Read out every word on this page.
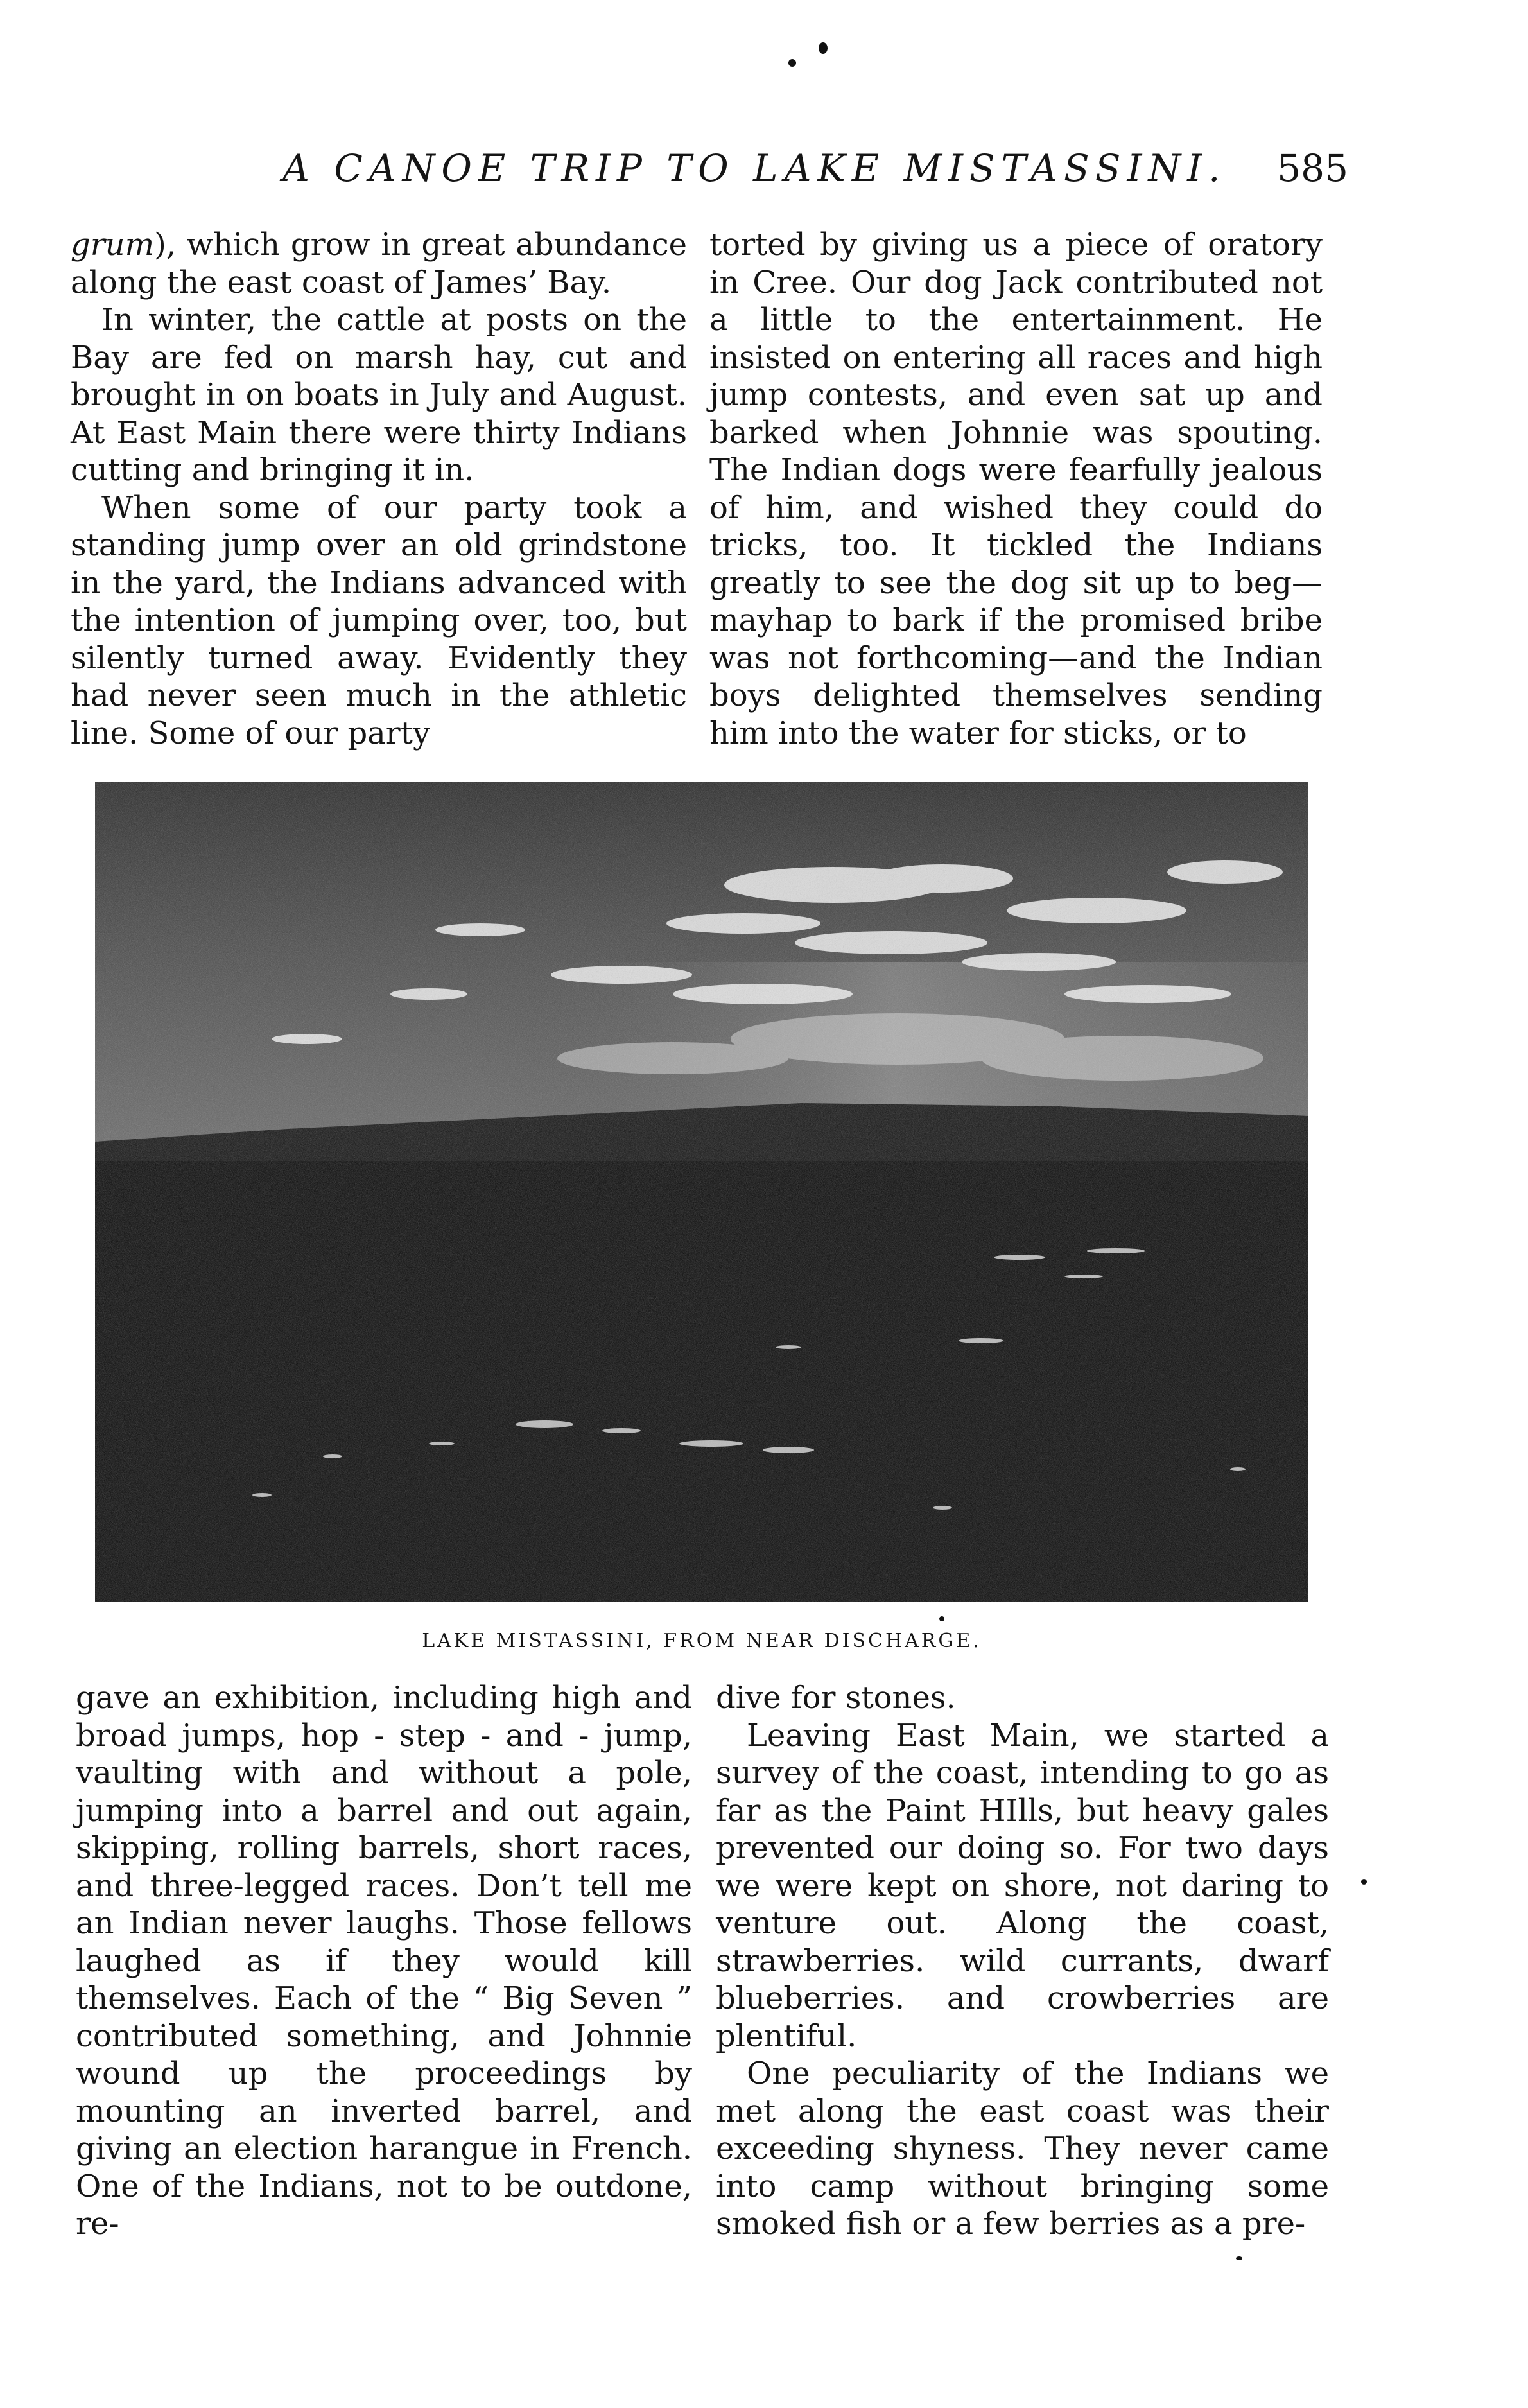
A CANOE TRIP TO LAKE MISTASSINI. 585

grum), which grow in great abundance along the east coast of James’ Bay.

In winter, the cattle at posts on the Bay are fed on marsh hay, cut and brought in on boats in July and August. At East Main there were thirty Indians cutting and bringing it in.

When some of our party took a standing jump over an old grindstone in the yard, the Indians advanced with the intention of jumping over, too, but silently turned away. Evidently they had never seen much in the athletic line. Some of our party

torted by giving us a piece of oratory in Cree. Our dog Jack contributed not a little to the entertainment. He insisted on entering all races and high jump contests, and even sat up and barked when Johnnie was spouting. The Indian dogs were fearfully jealous of him, and wished they could do tricks, too. It tickled the Indians greatly to see the dog sit up to beg—mayhap to bark if the promised bribe was not forthcoming—and the Indian boys delighted themselves sending him into the water for sticks, or to

LAKE MISTASSINI, FROM NEAR DISCHARGE.

gave an exhibition, including high and broad jumps, hop - step - and - jump, vaulting with and without a pole, jumping into a barrel and out again, skipping, rolling barrels, short races, and three-legged races. Don’t tell me an Indian never laughs. Those fellows laughed as if they would kill themselves. Each of the “ Big Seven ” contributed something, and Johnnie wound up the proceedings by mounting an inverted barrel, and giving an election harangue in French. One of the Indians, not to be outdone, re-

dive for stones.

Leaving East Main, we started a survey of the coast, intending to go as far as the Paint HIlls, but heavy gales prevented our doing so. For two days we were kept on shore, not daring to venture out. Along the coast, strawberries. wild currants, dwarf blueberries. and crowberries are plentiful.

One peculiarity of the Indians we met along the east coast was their exceeding shyness. They never came into camp without bringing some smoked fish or a few berries as a pre-
